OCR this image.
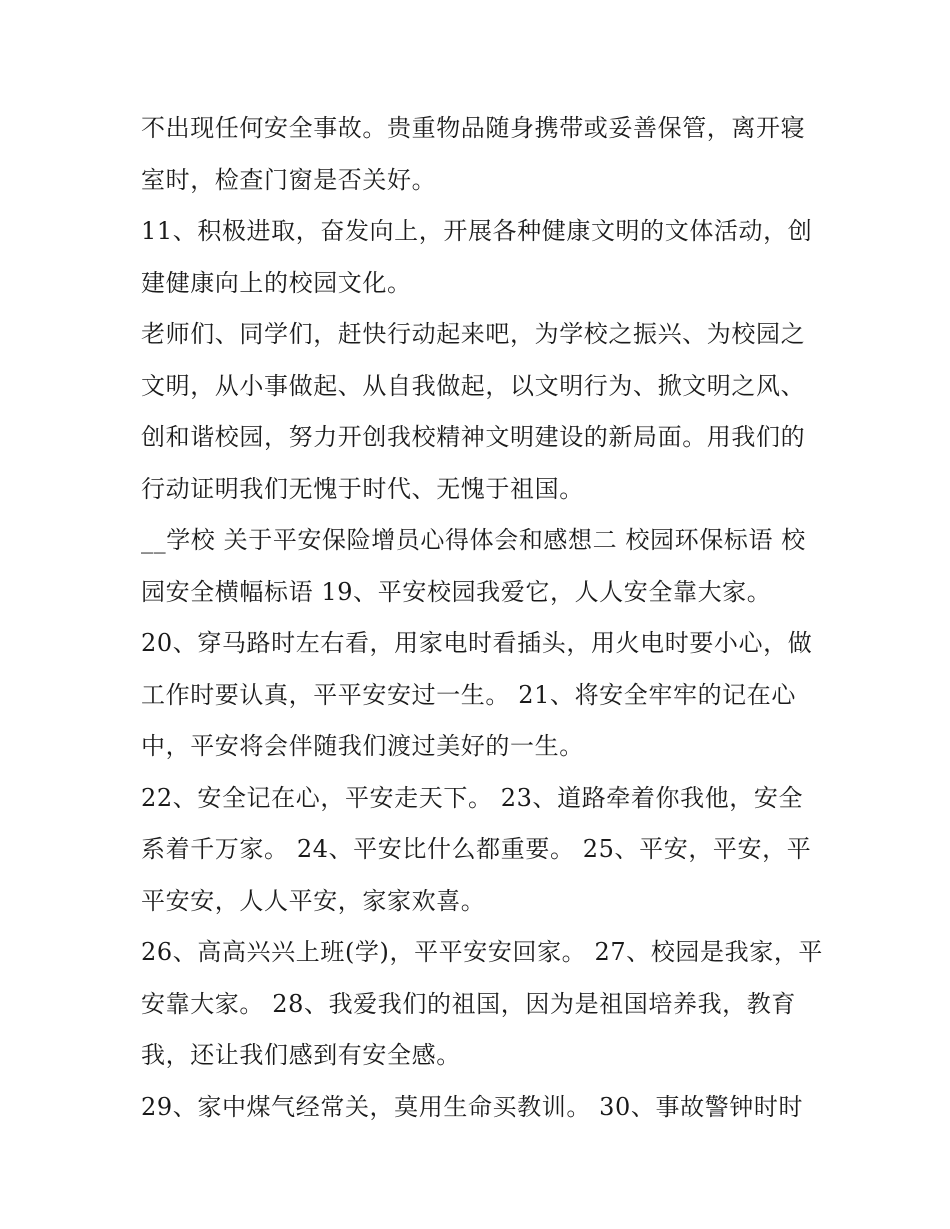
不出现任何安全事故。贵重物品随身携带或妥善保管，离开寝
室时，检查门窗是否关好。

11、积极进取，奋发向上，开展各种健康文明的文体活动，创
建健康向上的校园文化。

老师们、同学们，赶快行动起来吧，为学校之振兴、为校园之
文明，从小事做起、从自我做起，以文明行为、掀文明之风、
创和谐校园，努力开创我校精神文明建设的新局面。用我们的
行动证明我们无愧于时代、无愧于祖国。

__学校 关于平安保险增员心得体会和感想二 校园环保标语 校
园安全横幅标语 19、平安校园我爱它，人人安全靠大家。

20、穿马路时左右看，用家电时看插头，用火电时要小心，做
工作时要认真，平平安安过一生。 21、将安全牢牢的记在心
中，平安将会伴随我们渡过美好的一生。

22、安全记在心，平安走天下。 23、道路牵着你我他，安全
系着千万家。 24、平安比什么都重要。 25、平安，平安，平
平安安，人人平安，家家欢喜。

26、高高兴兴上班(学)，平平安安回家。 27、校园是我家，平
安靠大家。 28、我爱我们的祖国，因为是祖国培养我，教育
我，还让我们感到有安全感。

29、家中煤气经常关，莫用生命买教训。 30、事故警钟时时
